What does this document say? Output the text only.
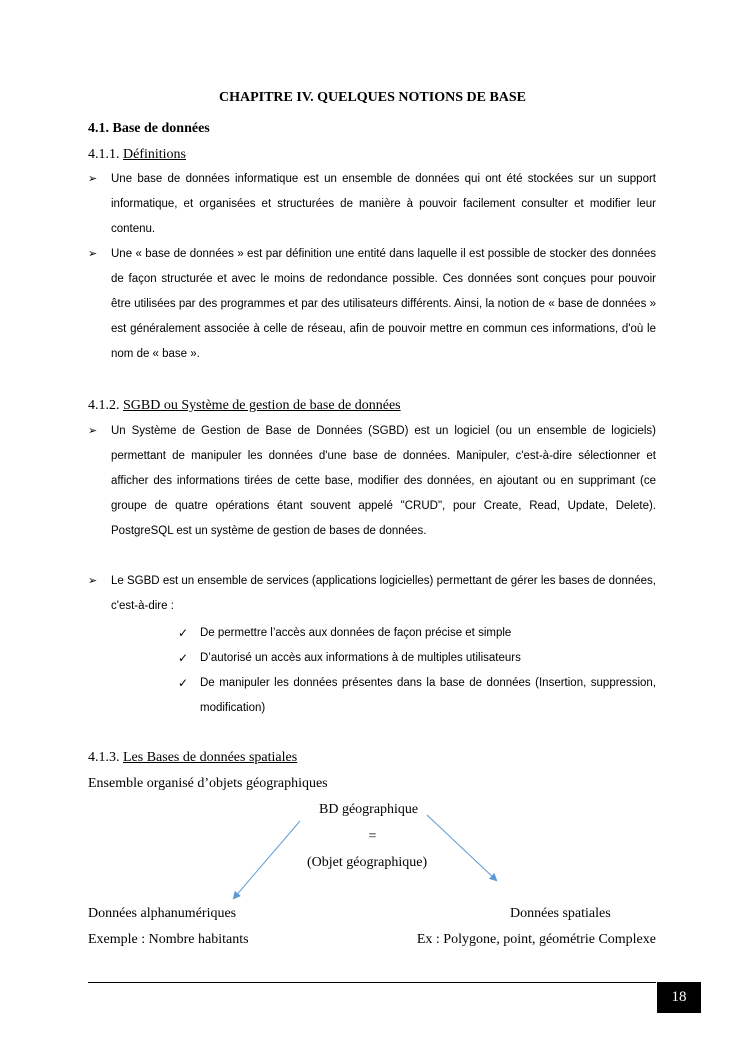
CHAPITRE IV. QUELQUES NOTIONS DE BASE
4.1. Base de données
4.1.1. Définitions
➢ Une base de données informatique est un ensemble de données qui ont été stockées sur un support informatique, et organisées et structurées de manière à pouvoir facilement consulter et modifier leur contenu.
➢ Une « base de données » est par définition une entité dans laquelle il est possible de stocker des données de façon structurée et avec le moins de redondance possible. Ces données sont conçues pour pouvoir être utilisées par des programmes et par des utilisateurs différents. Ainsi, la notion de « base de données » est généralement associée à celle de réseau, afin de pouvoir mettre en commun ces informations, d'où le nom de « base ».
4.1.2. SGBD ou Système de gestion de base de données
➢ Un Système de Gestion de Base de Données (SGBD) est un logiciel (ou un ensemble de logiciels) permettant de manipuler les données d'une base de données. Manipuler, c'est-à-dire sélectionner et afficher des informations tirées de cette base, modifier des données, en ajoutant ou en supprimant (ce groupe de quatre opérations étant souvent appelé "CRUD", pour Create, Read, Update, Delete). PostgreSQL est un système de gestion de bases de données.
➢ Le SGBD est un ensemble de services (applications logicielles) permettant de gérer les bases de données, c'est-à-dire :
✓ De permettre l’accès aux données de façon précise et simple
✓ D’autorisé un accès aux informations à de multiples utilisateurs
✓ De manipuler les données présentes dans la base de données (Insertion, suppression, modification)
4.1.3. Les Bases de données spatiales
Ensemble organisé d’objets géographiques
BD géographique
=
(Objet géographique)
Données alphanumériques	Données spatiales
Exemple : Nombre habitants	Ex : Polygone, point, géométrie Complexe
18
